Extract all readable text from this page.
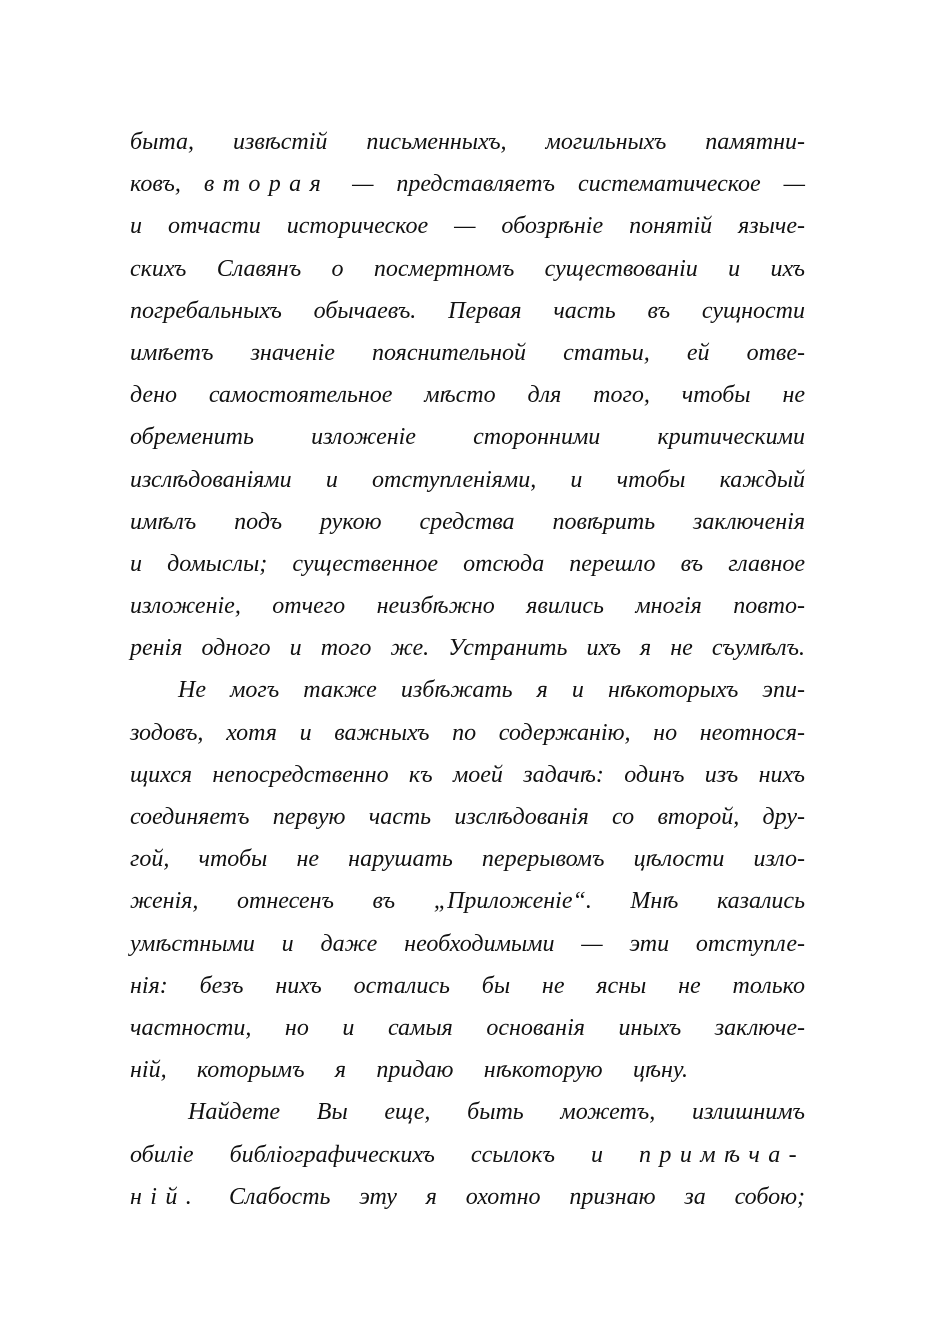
быта, извѣстій письменныхъ, могильныхъ памятни-
ковъ, вторая — представляетъ систематическое —
и отчасти историческое — обозрѣніе понятій языче-
скихъ Славянъ о посмертномъ существованіи и ихъ
погребальныхъ обычаевъ. Первая часть въ сущности
имѣетъ значеніе пояснительной статьи, ей отве-
дено самостоятельное мѣсто для того, чтобы не
обременить изложеніе сторонними критическими
изслѣдованіями и отступленіями, и чтобы каждый
имѣлъ подъ рукою средства повѣрить заключенія
и домыслы; существенное отсюда перешло въ главное
изложеніе, отчего неизбѣжно явились многія повто-
ренія одного и того же. Устранить ихъ я не съумѣлъ.
Не могъ также избѣжать я и нѣкоторыхъ эпи-
зодовъ, хотя и важныхъ по содержанію, но неотнося-
щихся непосредственно къ моей задачѣ: одинъ изъ нихъ
соединяетъ первую часть изслѣдованія со второй, дру-
гой, чтобы не нарушать перерывомъ цѣлости изло-
женія, отнесенъ въ „Приложеніе“. Мнѣ казались
умѣстными и даже необходимыми — эти отступле-
нія: безъ нихъ остались бы не ясны не только
частности, но и самыя основанія иныхъ заключе-
ній, которымъ я придаю нѣкоторую цѣну.
Найдете Вы еще, быть можетъ, излишнимъ
обиліе библіографическихъ ссылокъ и примѣча-
ній. Слабость эту я охотно признаю за собою;
